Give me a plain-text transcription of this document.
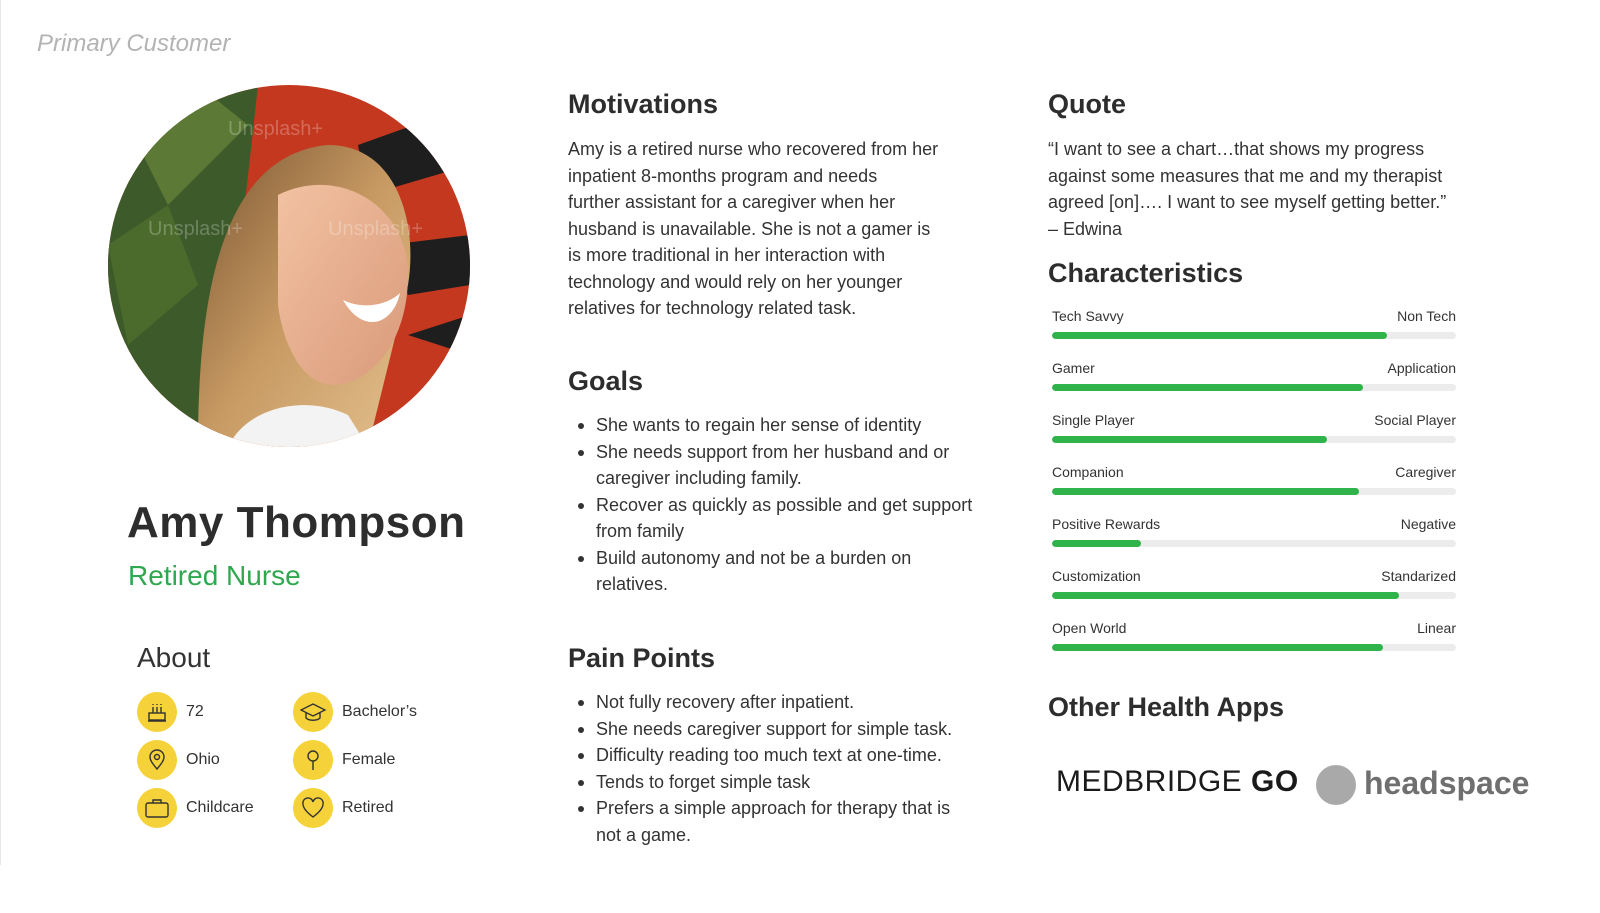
Primary Customer
Unsplash+
Unsplash+
Unsplash+
Amy Thompson
Retired Nurse
About
72	Bachelor’s
Ohio	Female
Childcare	Retired
Motivations
Amy is a retired nurse who recovered from her
inpatient 8-months program and needs
further assistant for a caregiver when her
husband is unavailable. She is not a gamer is
is more traditional in her interaction with
technology and would rely on her younger
relatives for technology related task.
Goals
She wants to regain her sense of identity
She needs support from her husband and or
caregiver including family.
Recover as quickly as possible and get support
from family
Build autonomy and not be a burden on
relatives.
Pain Points
Not fully recovery after inpatient.
She needs caregiver support for simple task.
Difficulty reading too much text at one-time.
Tends to forget simple task
Prefers a simple approach for therapy that is
not a game.
Quote
“I want to see a chart…that shows my progress
against some measures that me and my therapist
agreed [on]…. I want to see myself getting better.”
– Edwina
Characteristics
Tech Savvy	Non Tech
Gamer	Application
Single Player	Social Player
Companion	Caregiver
Positive Rewards	Negative
Customization	Standarized
Open World	Linear
Other Health Apps
MEDBRIDGE GO headspace
